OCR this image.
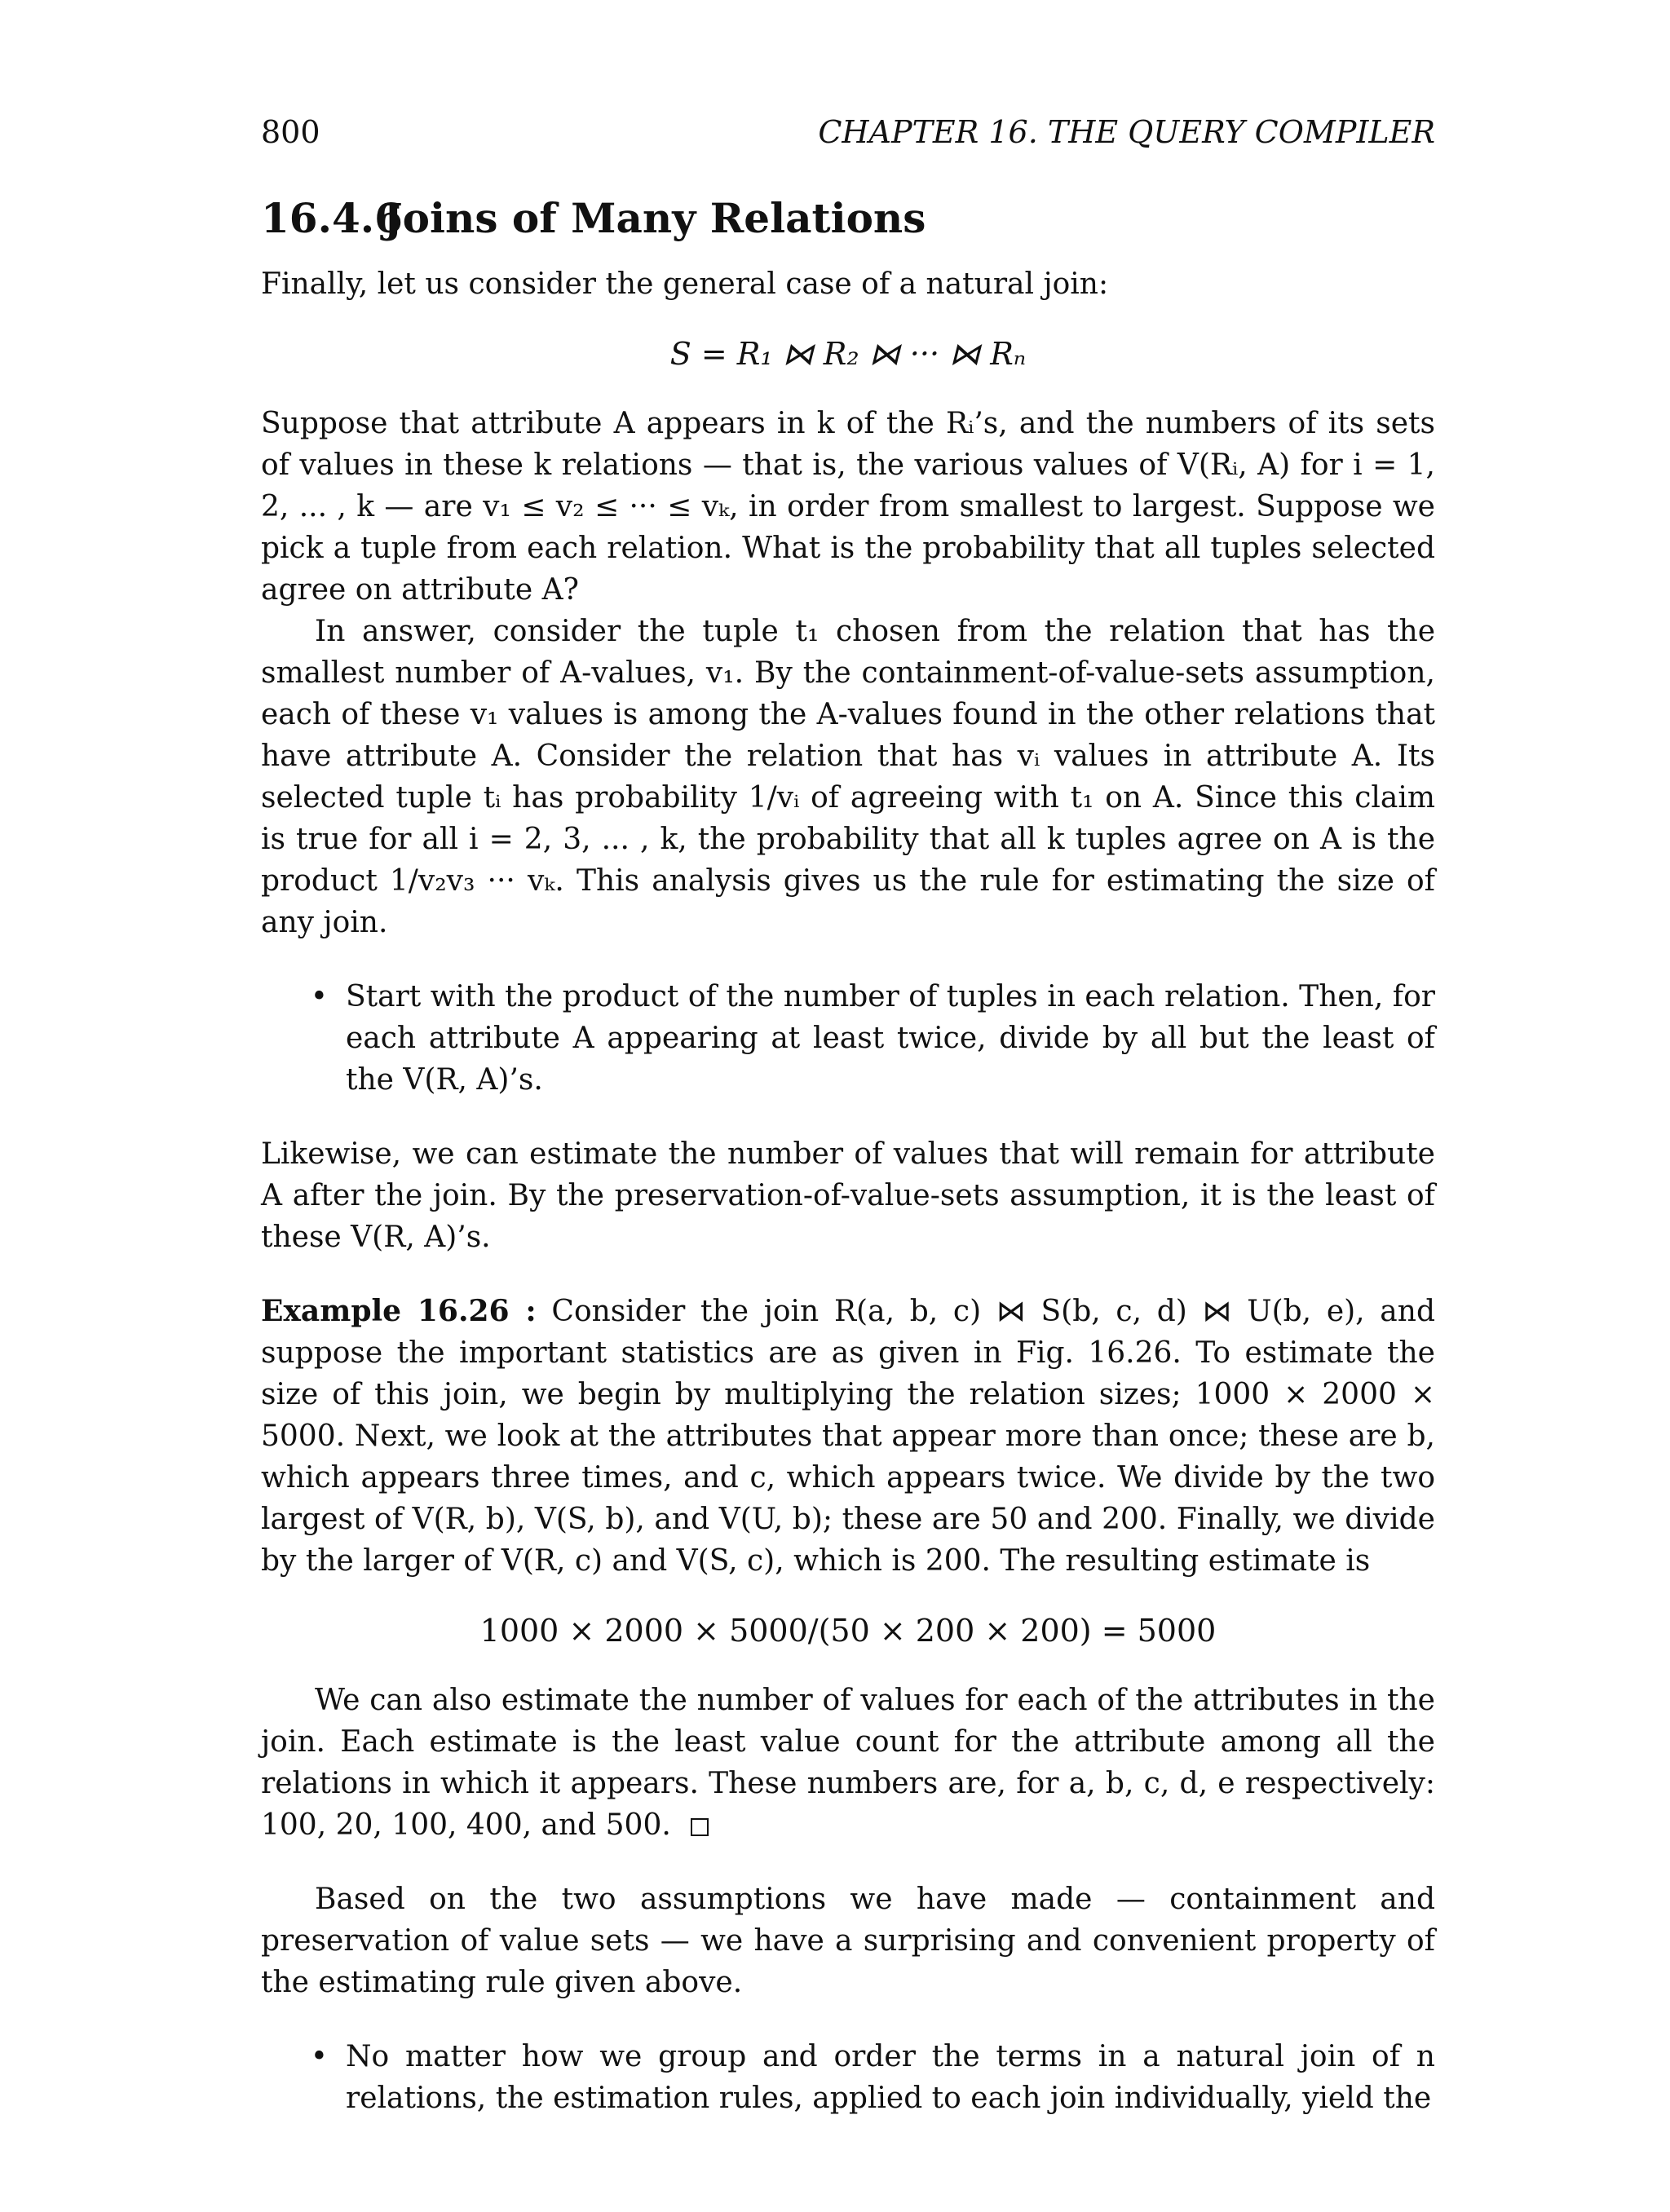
800	CHAPTER 16. THE QUERY COMPILER
16.4.6Joins of Many Relations

Finally, let us consider the general case of a natural join:

S = R₁ ⋈ R₂ ⋈ ··· ⋈ Rₙ

Suppose that attribute A appears in k of the Rᵢ’s, and the numbers of its sets of values in these k relations — that is, the various values of V(Rᵢ, A) for i = 1, 2, ... , k — are v₁ ≤ v₂ ≤ ··· ≤ vₖ, in order from smallest to largest. Suppose we pick a tuple from each relation. What is the probability that all tuples selected agree on attribute A?

In answer, consider the tuple t₁ chosen from the relation that has the smallest number of A-values, v₁. By the containment-of-value-sets assumption, each of these v₁ values is among the A-values found in the other relations that have attribute A. Consider the relation that has vᵢ values in attribute A. Its selected tuple tᵢ has probability 1/vᵢ of agreeing with t₁ on A. Since this claim is true for all i = 2, 3, ... , k, the probability that all k tuples agree on A is the product 1/v₂v₃ ··· vₖ. This analysis gives us the rule for estimating the size of any join.

• Start with the product of the number of tuples in each relation. Then, for each attribute A appearing at least twice, divide by all but the least of the V(R, A)’s.

Likewise, we can estimate the number of values that will remain for attribute A after the join. By the preservation-of-value-sets assumption, it is the least of these V(R, A)’s.

Example 16.26 : Consider the join R(a, b, c) ⋈ S(b, c, d) ⋈ U(b, e), and suppose the important statistics are as given in Fig. 16.26. To estimate the size of this join, we begin by multiplying the relation sizes; 1000 × 2000 × 5000. Next, we look at the attributes that appear more than once; these are b, which appears three times, and c, which appears twice. We divide by the two largest of V(R, b), V(S, b), and V(U, b); these are 50 and 200. Finally, we divide by the larger of V(R, c) and V(S, c), which is 200. The resulting estimate is

1000 × 2000 × 5000/(50 × 200 × 200) = 5000

We can also estimate the number of values for each of the attributes in the join. Each estimate is the least value count for the attribute among all the relations in which it appears. These numbers are, for a, b, c, d, e respectively: 100, 20, 100, 400, and 500.

Based on the two assumptions we have made — containment and preservation of value sets — we have a surprising and convenient property of the estimating rule given above.

• No matter how we group and order the terms in a natural join of n relations, the estimation rules, applied to each join individually, yield the
